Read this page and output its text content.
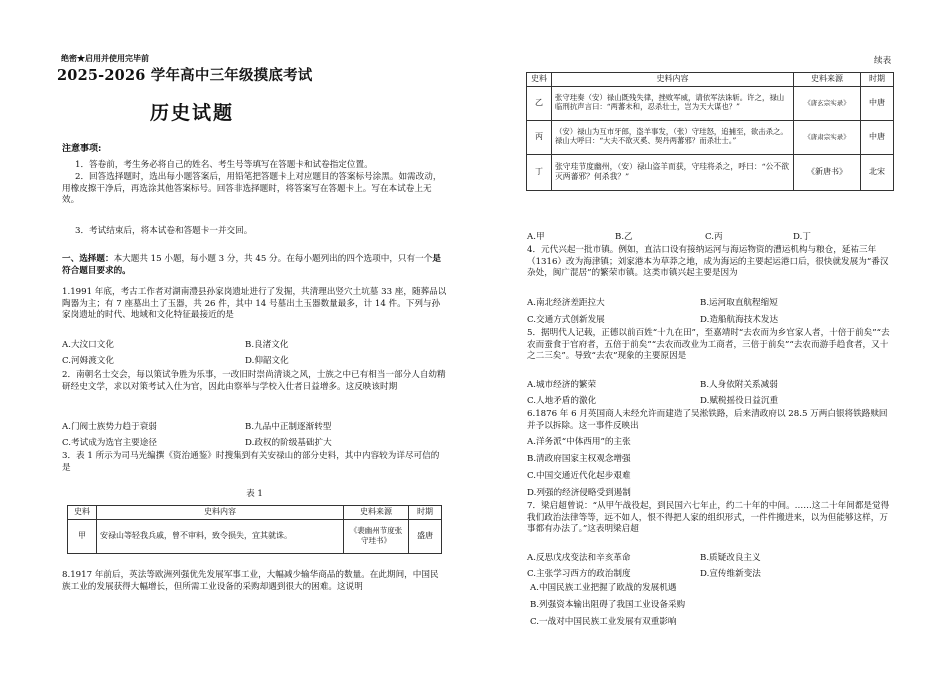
绝密★启用并使用完毕前
2025-2026 学年高中三年级摸底考试
历史试题
注意事项:

1．答卷前，考生务必将自己的姓名、考生号等填写在答题卡和试卷指定位置。

2．回答选择题时，选出每小题答案后，用铅笔把答题卡上对应题目的答案标号涂黑。如需改动，用橡皮擦干净后，再选涂其他答案标号。回答非选择题时，将答案写在答题卡上。写在本试卷上无效。

3．考试结束后，将本试卷和答题卡一并交回。

一、选择题：本大题共 15 小题，每小题 3 分，共 45 分。在每小题列出的四个选项中，只有一个是符合题目要求的。

1.1991 年底，考古工作者对湖南澧县孙家岗遗址进行了发掘，共清理出竖穴土坑墓 33 座，随葬品以陶器为主；有 7 座墓出土了玉器，共 26 件，其中 14 号墓出土玉器数量最多，计 14 件。下列与孙家岗遗址的时代、地域和文化特征最接近的是

A.大汶口文化	B.良渚文化
C.河姆渡文化	D.仰韶文化

2．南朝名士交会，每以策试争胜为乐事，一改旧时崇尚清谈之风，士族之中已有相当一部分人自幼精研经史文学，求以对策考试入仕为官，因此由察举与学校入仕者日益增多。这反映该时期

A.门阀士族势力趋于衰弱	B.九品中正制逐渐转型
C.考试成为选官主要途径	D.政权的阶级基础扩大

3．表 1 所示为司马光编撰《资治通鉴》时搜集到有关安禄山的部分史料，其中内容较为详尽可信的是

表 1
史料	史料内容	史料来源	时期
甲	安禄山等轻我兵戚，曾不审料，致令损失，宜其就诛。	《裴幽州节度张守珪书》	盛唐

8.1917 年前后，英法等欧洲列强优先发展军事工业，大幅减少输华商品的数量。在此期间，中国民族工业的发展获得大幅增长，但所需工业设备的采购却遇到很大的困难。这说明

续表
史料	史料内容	史料来源	时期
乙	张守珪奏（安）禄山既残失律，挫败军威，请依军法诛斩。许之，禄山临刑抗声言曰：“两蕃未和，忍杀壮士，岂为天大谋也？”	《唐玄宗实录》	中唐
丙	（安）禄山为互市牙郎，盗羊事发，（张）守珪怒，追捕至，欲击杀之。禄山大呼曰：“大夫不欲灭奚、契丹两蕃邪？而杀壮士。”	《唐肃宗实录》	中唐
丁	张守珪节度幽州，（安）禄山盗羊而获，守珪将杀之，呼曰：“公不欲灭两蕃邪？何杀我？”	《新唐书》	北宋
A.甲	B.乙	C.丙	D.丁

4．元代兴起一批市镇。例如，直沽口设有接纳运河与海运物资的漕运机构与粮仓，延祐三年（1316）改为海津镇；刘家港本为草莽之地，成为海运的主要起运港口后，很快就发展为“番汉杂处，闽广混居”的繁荣市镇。这类市镇兴起主要是因为

A.南北经济差距拉大	B.运河取直航程缩短
C.交通方式创新发展	D.造船航海技术发达

5．据明代人记载，正德以前百姓“十九在田”，至嘉靖时“去农而为乡官家人者，十倍于前矣”“去农而蚕食于官府者，五倍于前矣”“去农而改业为工商者，三倍于前矣”“去农而游手趋食者，又十之二三矣”。导致“去农”现象的主要原因是

A.城市经济的繁荣	B.人身依附关系减弱
C.人地矛盾的激化	D.赋税摇役日益沉重

6.1876 年 6 月英国商人未经允许而建造了吴淞铁路，后来清政府以 28.5 万两白银将铁路赎回并予以拆除。这一事件反映出

A.洋务派“中体西用”的主张
B.清政府国家主权观念增强
C.中国交通近代化起步艰难
D.列强的经济侵略受到遏制

7．梁启超曾说：“从甲午战役起，到民国六七年止，约二十年的中间。……这二十年间都是觉得我们政治法律等等，远不如人，恨不得把人家的组织形式，一件件搬进来，以为但能够这样，万事都有办法了。”这表明梁启超

A.反思戊戌变法和辛亥革命	B.质疑改良主义
C.主张学习西方的政治制度	D.宣传维新变法
A.中国民族工业把握了欧战的发展机遇
B.列强资本输出阻碍了我国工业设备采购
C.一战对中国民族工业发展有双重影响
